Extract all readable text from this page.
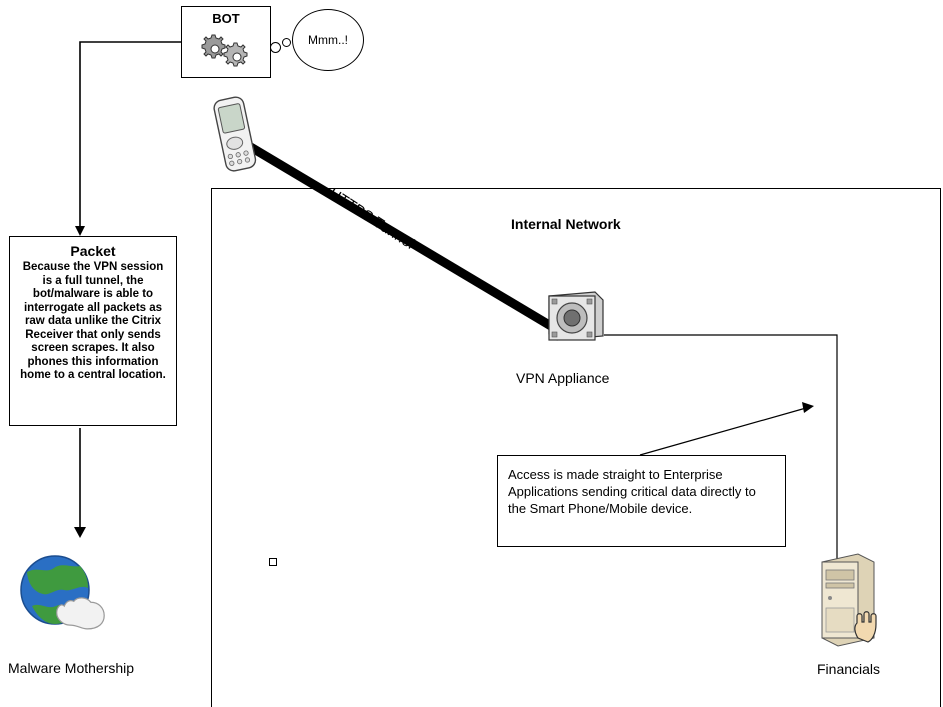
Internal Network
BOT
Mmm..!
HTTPS Tunnel
Packet
Because the VPN session is a full tunnel, the bot/malware is able to interrogate all packets as raw data unlike the Citrix Receiver that only sends screen scrapes. It also phones this information home to a central location.	VPN Appliance
Access is made straight to Enterprise Applications sending critical data directly to the Smart Phone/Mobile device.
Financials
Malware Mothership
